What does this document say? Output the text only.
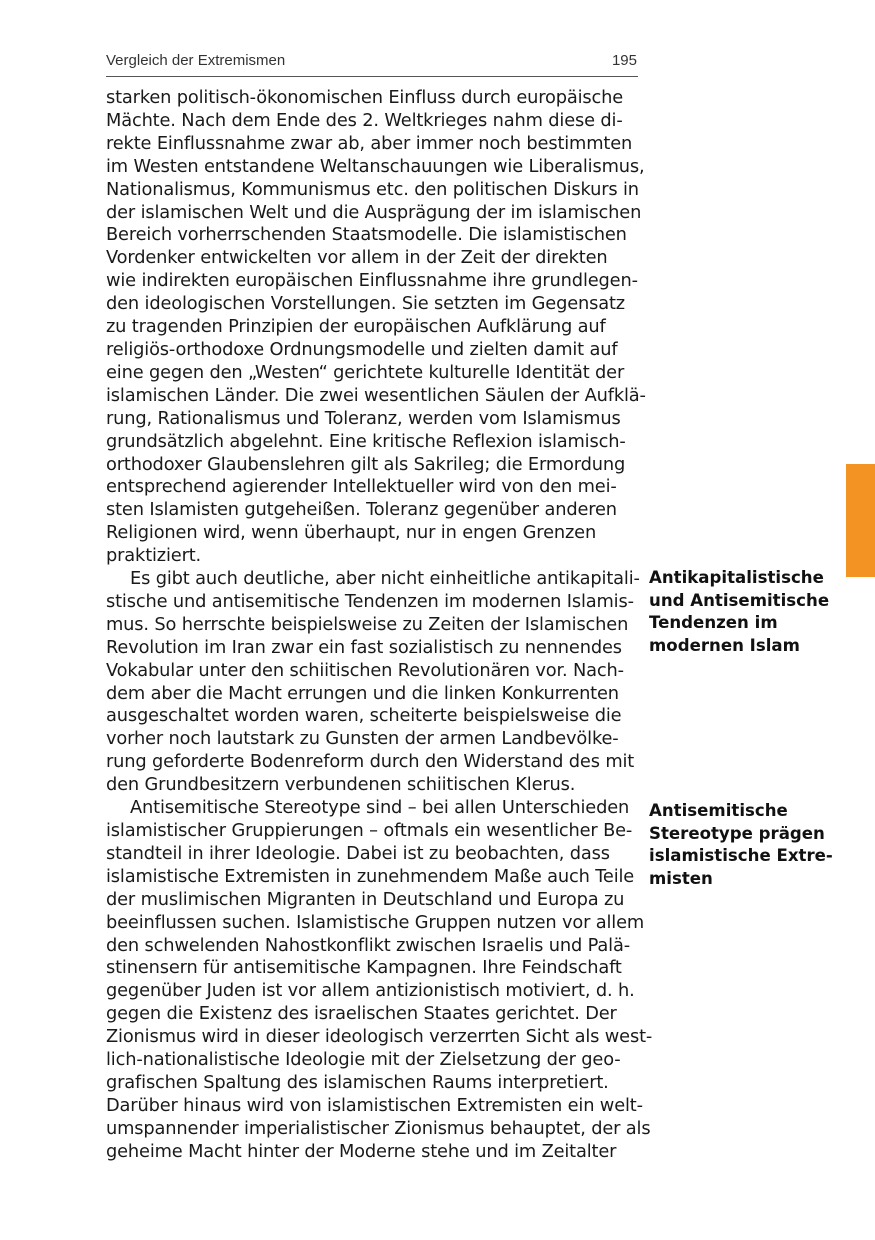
Vergleich der Extremismen	195
starken politisch-ökonomischen Einfluss durch europäische
Mächte. Nach dem Ende des 2. Weltkrieges nahm diese di-
rekte Einflussnahme zwar ab, aber immer noch bestimmten
im Westen entstandene Weltanschauungen wie Liberalismus,
Nationalismus, Kommunismus etc. den politischen Diskurs in
der islamischen Welt und die Ausprägung der im islamischen
Bereich vorherrschenden Staatsmodelle. Die islamistischen
Vordenker entwickelten vor allem in der Zeit der direkten
wie indirekten europäischen Einflussnahme ihre grundlegen-
den ideologischen Vorstellungen. Sie setzten im Gegensatz
zu tragenden Prinzipien der europäischen Aufklärung auf
religiös-orthodoxe Ordnungsmodelle und zielten damit auf
eine gegen den „Westen“ gerichtete kulturelle Identität der
islamischen Länder. Die zwei wesentlichen Säulen der Aufklä-
rung, Rationalismus und Toleranz, werden vom Islamismus
grundsätzlich abgelehnt. Eine kritische Reflexion islamisch-
orthodoxer Glaubenslehren gilt als Sakrileg; die Ermordung
entsprechend agierender Intellektueller wird von den mei-
sten Islamisten gutgeheißen. Toleranz gegenüber anderen
Religionen wird, wenn überhaupt, nur in engen Grenzen
praktiziert.
Es gibt auch deutliche, aber nicht einheitliche antikapitali-
stische und antisemitische Tendenzen im modernen Islamis-
mus. So herrschte beispielsweise zu Zeiten der Islamischen
Revolution im Iran zwar ein fast sozialistisch zu nennendes
Vokabular unter den schiitischen Revolutionären vor. Nach-
dem aber die Macht errungen und die linken Konkurrenten
ausgeschaltet worden waren, scheiterte beispielsweise die
vorher noch lautstark zu Gunsten der armen Landbevölke-
rung geforderte Bodenreform durch den Widerstand des mit
den Grundbesitzern verbundenen schiitischen Klerus.
Antisemitische Stereotype sind – bei allen Unterschieden
islamistischer Gruppierungen – oftmals ein wesentlicher Be-
standteil in ihrer Ideologie. Dabei ist zu beobachten, dass
islamistische Extremisten in zunehmendem Maße auch Teile
der muslimischen Migranten in Deutschland und Europa zu
beeinflussen suchen. Islamistische Gruppen nutzen vor allem
den schwelenden Nahostkonflikt zwischen Israelis und Palä-
stinensern für antisemitische Kampagnen. Ihre Feindschaft
gegenüber Juden ist vor allem antizionistisch motiviert, d. h.
gegen die Existenz des israelischen Staates gerichtet. Der
Zionismus wird in dieser ideologisch verzerrten Sicht als west-
lich-nationalistische Ideologie mit der Zielsetzung der geo-
grafischen Spaltung des islamischen Raums interpretiert.
Darüber hinaus wird von islamistischen Extremisten ein welt-
umspannender imperialistischer Zionismus behauptet, der als
geheime Macht hinter der Moderne stehe und im Zeitalter
Antikapitalistische
und Antisemitische
Tendenzen im
modernen Islam
Antisemitische
Stereotype prägen
islamistische Extre-
misten
